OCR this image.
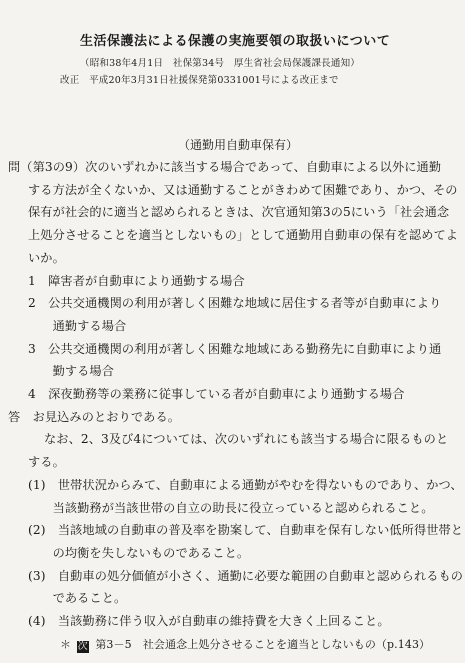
生活保護法による保護の実施要領の取扱いについて
（昭和38年4月1日　社保第34号　厚生省社会局保護課長通知）
改正　平成20年3月31日社援保発第0331001号による改正まで
（通勤用自動車保有）
問（第3の9）次のいずれかに該当する場合であって、自動車による以外に通勤
する方法が全くないか、又は通勤することがきわめて困難であり、かつ、その
保有が社会的に適当と認められるときは、次官通知第3の5にいう「社会通念
上処分させることを適当としないもの」として通勤用自動車の保有を認めてよ
いか。
1　障害者が自動車により通勤する場合
2　公共交通機関の利用が著しく困難な地域に居住する者等が自動車により
　　通勤する場合
3　公共交通機関の利用が著しく困難な地域にある勤務先に自動車により通
　　勤する場合
4　深夜勤務等の業務に従事している者が自動車により通勤する場合
答　お見込みのとおりである。
なお、2、3及び4については、次のいずれにも該当する場合に限るものと
する。
(1)　世帯状況からみて、自動車による通勤がやむを得ないものであり、かつ、
　　当該勤務が当該世帯の自立の助長に役立っていると認められること。
(2)　当該地域の自動車の普及率を勘案して、自動車を保有しない低所得世帯と
　　の均衡を失しないものであること。
(3)　自動車の処分価値が小さく、通勤に必要な範囲の自動車と認められるもの
　　であること。
(4)　当該勤務に伴う収入が自動車の維持費を大きく上回ること。
＊ 次 第3－5　社会通念上処分させることを適当としないもの（p.143）
